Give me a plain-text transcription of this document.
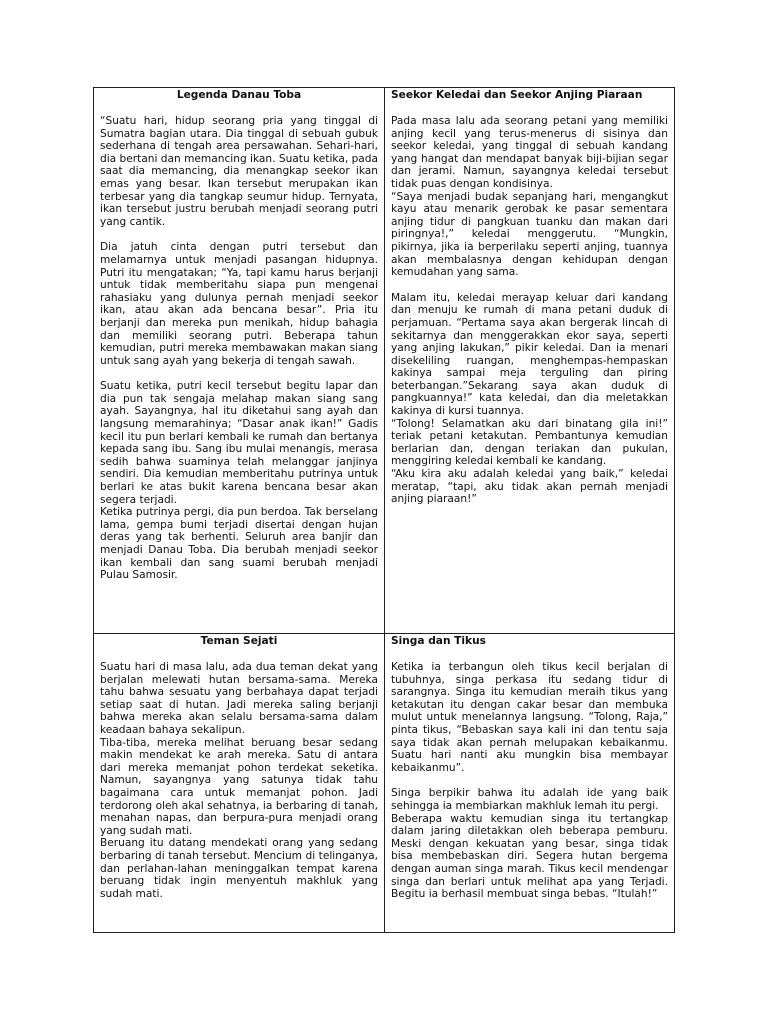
Legenda Danau Toba

“Suatu hari, hidup seorang pria yang tinggal di Sumatra bagian utara. Dia tinggal di sebuah gubuk sederhana di tengah area persawahan. Sehari-hari, dia bertani dan memancing ikan. Suatu ketika, pada saat dia memancing, dia menangkap seekor ikan emas yang besar. Ikan tersebut merupakan ikan terbesar yang dia tangkap seumur hidup. Ternyata, ikan tersebut justru berubah menjadi seorang putri yang cantik.

Dia jatuh cinta dengan putri tersebut dan melamarnya untuk menjadi pasangan hidupnya. Putri itu mengatakan; “Ya, tapi kamu harus berjanji untuk tidak memberitahu siapa pun mengenai rahasiaku yang dulunya pernah menjadi seekor ikan, atau akan ada bencana besar”. Pria itu berjanji dan mereka pun menikah, hidup bahagia dan memiliki seorang putri. Beberapa tahun kemudian, putri mereka membawakan makan siang untuk sang ayah yang bekerja di tengah sawah.

Suatu ketika, putri kecil tersebut begitu lapar dan dia pun tak sengaja melahap makan siang sang ayah. Sayangnya, hal itu diketahui sang ayah dan langsung memarahinya; “Dasar anak ikan!” Gadis kecil itu pun berlari kembali ke rumah dan bertanya kepada sang ibu. Sang ibu mulai menangis, merasa sedih bahwa suaminya telah melanggar janjinya sendiri. Dia kemudian memberitahu putrinya untuk berlari ke atas bukit karena bencana besar akan segera terjadi.

Ketika putrinya pergi, dia pun berdoa. Tak berselang lama, gempa bumi terjadi disertai dengan hujan deras yang tak berhenti. Seluruh area banjir dan menjadi Danau Toba. Dia berubah menjadi seekor ikan kembali dan sang suami berubah menjadi Pulau Samosir.

Seekor Keledai dan Seekor Anjing Piaraan

Pada masa lalu ada seorang petani yang memiliki anjing kecil yang terus-menerus di sisinya dan seekor keledai, yang tinggal di sebuah kandang yang hangat dan mendapat banyak biji-bijian segar dan jerami. Namun, sayangnya keledai tersebut tidak puas dengan kondisinya.

“Saya menjadi budak sepanjang hari, mengangkut kayu atau menarik gerobak ke pasar sementara anjing tidur di pangkuan tuanku dan makan dari piringnya!,” keledai menggerutu. “Mungkin, pikirnya, jika ia berperilaku seperti anjing, tuannya akan membalasnya dengan kehidupan dengan kemudahan yang sama.

Malam itu, keledai merayap keluar dari kandang dan menuju ke rumah di mana petani duduk di perjamuan. “Pertama saya akan bergerak lincah di sekitarnya dan menggerakkan ekor saya, seperti yang anjing lakukan,” pikir keledai. Dan ia menari disekeliling ruangan, menghempas-hempaskan kakinya sampai meja terguling dan piring beterbangan.”Sekarang saya akan duduk di pangkuannya!” kata keledai, dan dia meletakkan kakinya di kursi tuannya.

“Tolong! Selamatkan aku dari binatang gila ini!” teriak petani ketakutan. Pembantunya kemudian berlarian dan, dengan teriakan dan pukulan, menggiring keledai kembali ke kandang.

“Aku kira aku adalah keledai yang baik,” keledai meratap, “tapi, aku tidak akan pernah menjadi anjing piaraan!”

Teman Sejati

Suatu hari di masa lalu, ada dua teman dekat yang berjalan melewati hutan bersama-sama. Mereka tahu bahwa sesuatu yang berbahaya dapat terjadi setiap saat di hutan. Jadi mereka saling berjanji bahwa mereka akan selalu bersama-sama dalam keadaan bahaya sekalipun.

Tiba-tiba, mereka melihat beruang besar sedang makin mendekat ke arah mereka. Satu di antara dari mereka memanjat pohon terdekat seketika. Namun, sayangnya yang satunya tidak tahu bagaimana cara untuk memanjat pohon. Jadi terdorong oleh akal sehatnya, ia berbaring di tanah, menahan napas, dan berpura-pura menjadi orang yang sudah mati.

Beruang itu datang mendekati orang yang sedang berbaring di tanah tersebut. Mencium di telinganya, dan perlahan-lahan meninggalkan tempat karena beruang tidak ingin menyentuh makhluk yang sudah mati.

Singa dan Tikus

Ketika ia terbangun oleh tikus kecil berjalan di tubuhnya, singa perkasa itu sedang tidur di sarangnya. Singa itu kemudian meraih tikus yang ketakutan itu dengan cakar besar dan membuka mulut untuk menelannya langsung. “Tolong, Raja,” pinta tikus, “Bebaskan saya kali ini dan tentu saja saya tidak akan pernah melupakan kebaikanmu. Suatu hari nanti aku mungkin bisa membayar kebaikanmu”.

Singa berpikir bahwa itu adalah ide yang baik sehingga ia membiarkan makhluk lemah itu pergi.

Beberapa waktu kemudian singa itu tertangkap dalam jaring diletakkan oleh beberapa pemburu. Meski dengan kekuatan yang besar, singa tidak bisa membebaskan diri. Segera hutan bergema dengan auman singa marah. Tikus kecil mendengar singa dan berlari untuk melihat apa yang Terjadi. Begitu ia berhasil membuat singa bebas. “Itulah!”
